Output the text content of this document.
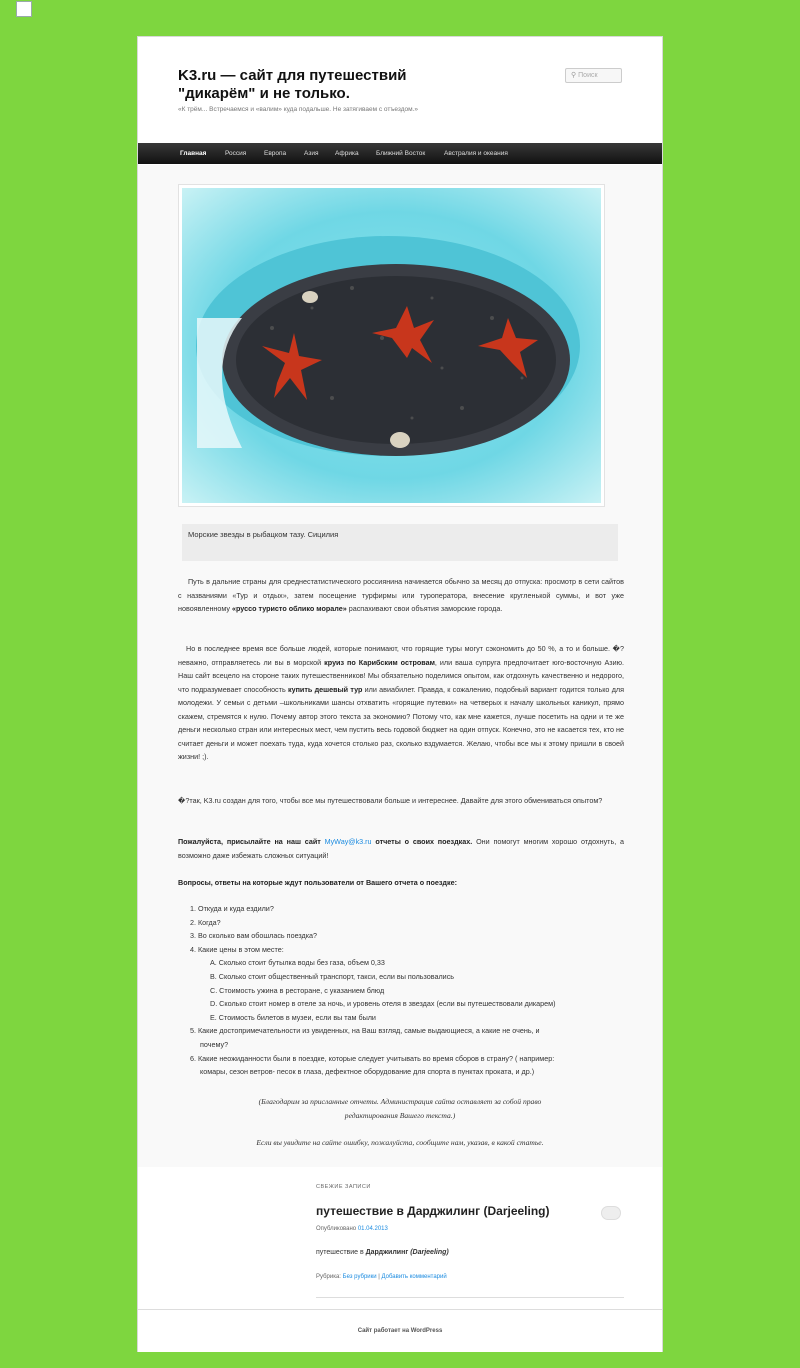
K3.ru — сайт для путешествий "дикарём" и не только.
«К трём... Встречаемся и «валим» куда подальше. Не затягиваем с отъездом.»
⚲ Поиск
Главная	Россия	Европа	Азия	Африка	Ближний Восток	Австралия и океания
Морские звезды в рыбацком тазу. Сицилия
Путь в дальние страны для среднестатистического россиянина начинается обычно за месяц до отпуска: просмотр в сети сайтов с названиями «Тур и отдых», затем посещение турфирмы или туроператора, внесение кругленькой суммы, и вот уже новоявленному «руссо туристо облико морале» распахивают свои объятия заморские города.
Но в последнее время все больше людей, которые понимают, что горящие туры могут сэкономить до 50 %, а то и больше. �? неважно, отправляетесь ли вы в морской круиз по Карибским островам, или ваша супруга предпочитает юго-восточную Азию. Наш сайт всецело на стороне таких путешественников! Мы обязательно поделимся опытом, как отдохнуть качественно и недорого, что подразумевает способность купить дешевый тур или авиабилет. Правда, к сожалению, подобный вариант годится только для молодежи. У семьи с детьми –школьниками шансы отхватить «горящие путевки» на четверых к началу школьных каникул, прямо скажем, стремятся к нулю. Почему автор этого текста за экономию? Потому что, как мне кажется, лучше посетить на одни и те же деньги несколько стран или интересных мест, чем пустить весь годовой бюджет на один отпуск. Конечно, это не касается тех, кто не считает деньги и может поехать туда, куда хочется столько раз, сколько вздумается. Желаю, чтобы все мы к этому пришли в своей жизни! ;).
�?так, K3.ru создан для того, чтобы все мы путешествовали больше и интереснее. Давайте для этого обмениваться опытом?
Пожалуйста, присылайте на наш сайт MyWay@k3.ru отчеты о своих поездках. Они помогут многим хорошо отдохнуть, а возможно даже избежать сложных ситуаций!
Вопросы, ответы на которые ждут пользователи от Вашего отчета о поездке:
1. Откуда и куда ездили?
2. Когда?
3. Во сколько вам обошлась поездка?
4. Какие цены в этом месте:
A. Сколько стоит бутылка воды без газа, объем 0,33
B. Сколько стоит общественный транспорт, такси, если вы пользовались
C. Стоимость ужина в ресторане, с указанием блюд
D. Сколько стоит номер в отеле за ночь, и уровень отеля в звездах (если вы путешествовали дикарем)
E. Стоимость билетов в музеи, если вы там были
5. Какие достопримечательности из увиденных, на Ваш взгляд, самые выдающиеся, а какие не очень, и
почему?
6. Какие неожиданности были в поездке, которые следует учитывать во время сборов в страну? ( например:
комары, сезон ветров- песок в глаза, дефектное оборудование для спорта в пунктах проката, и др.)
(Благодарим за присланные отчеты. Администрация сайта оставляет за собой право
редактирования Вашего текста.)
Если вы увидите на сайте ошибку, пожалуйста, сообщите нам, указав, в какой статье.
СВЕЖИЕ ЗАПИСИ
путешествие в Дарджилинг (Darjeeling)
Опубликовано 01.04.2013
путешествие в Дарджилинг (Darjeeling)
Рубрика: Без рубрики | Добавить комментарий
Сайт работает на WordPress
